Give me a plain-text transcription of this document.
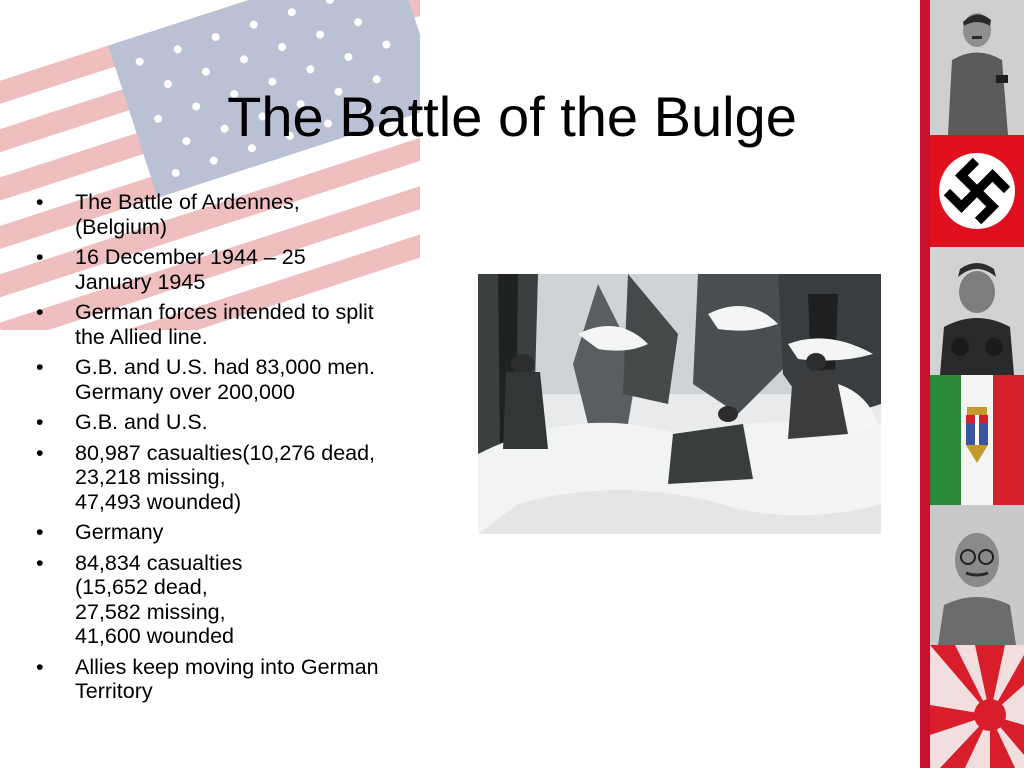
The Battle of the Bulge
• The Battle of Ardennes,
(Belgium)
• 16 December 1944 – 25
January 1945
• German forces intended to split
the Allied line.
• G.B. and U.S. had 83,000 men.
Germany over 200,000
• G.B. and U.S.
• 80,987 casualties(10,276 dead,
23,218 missing,
47,493 wounded)
• Germany
• 84,834 casualties
(15,652 dead,
27,582 missing,
41,600 wounded
• Allies keep moving into German
Territory
